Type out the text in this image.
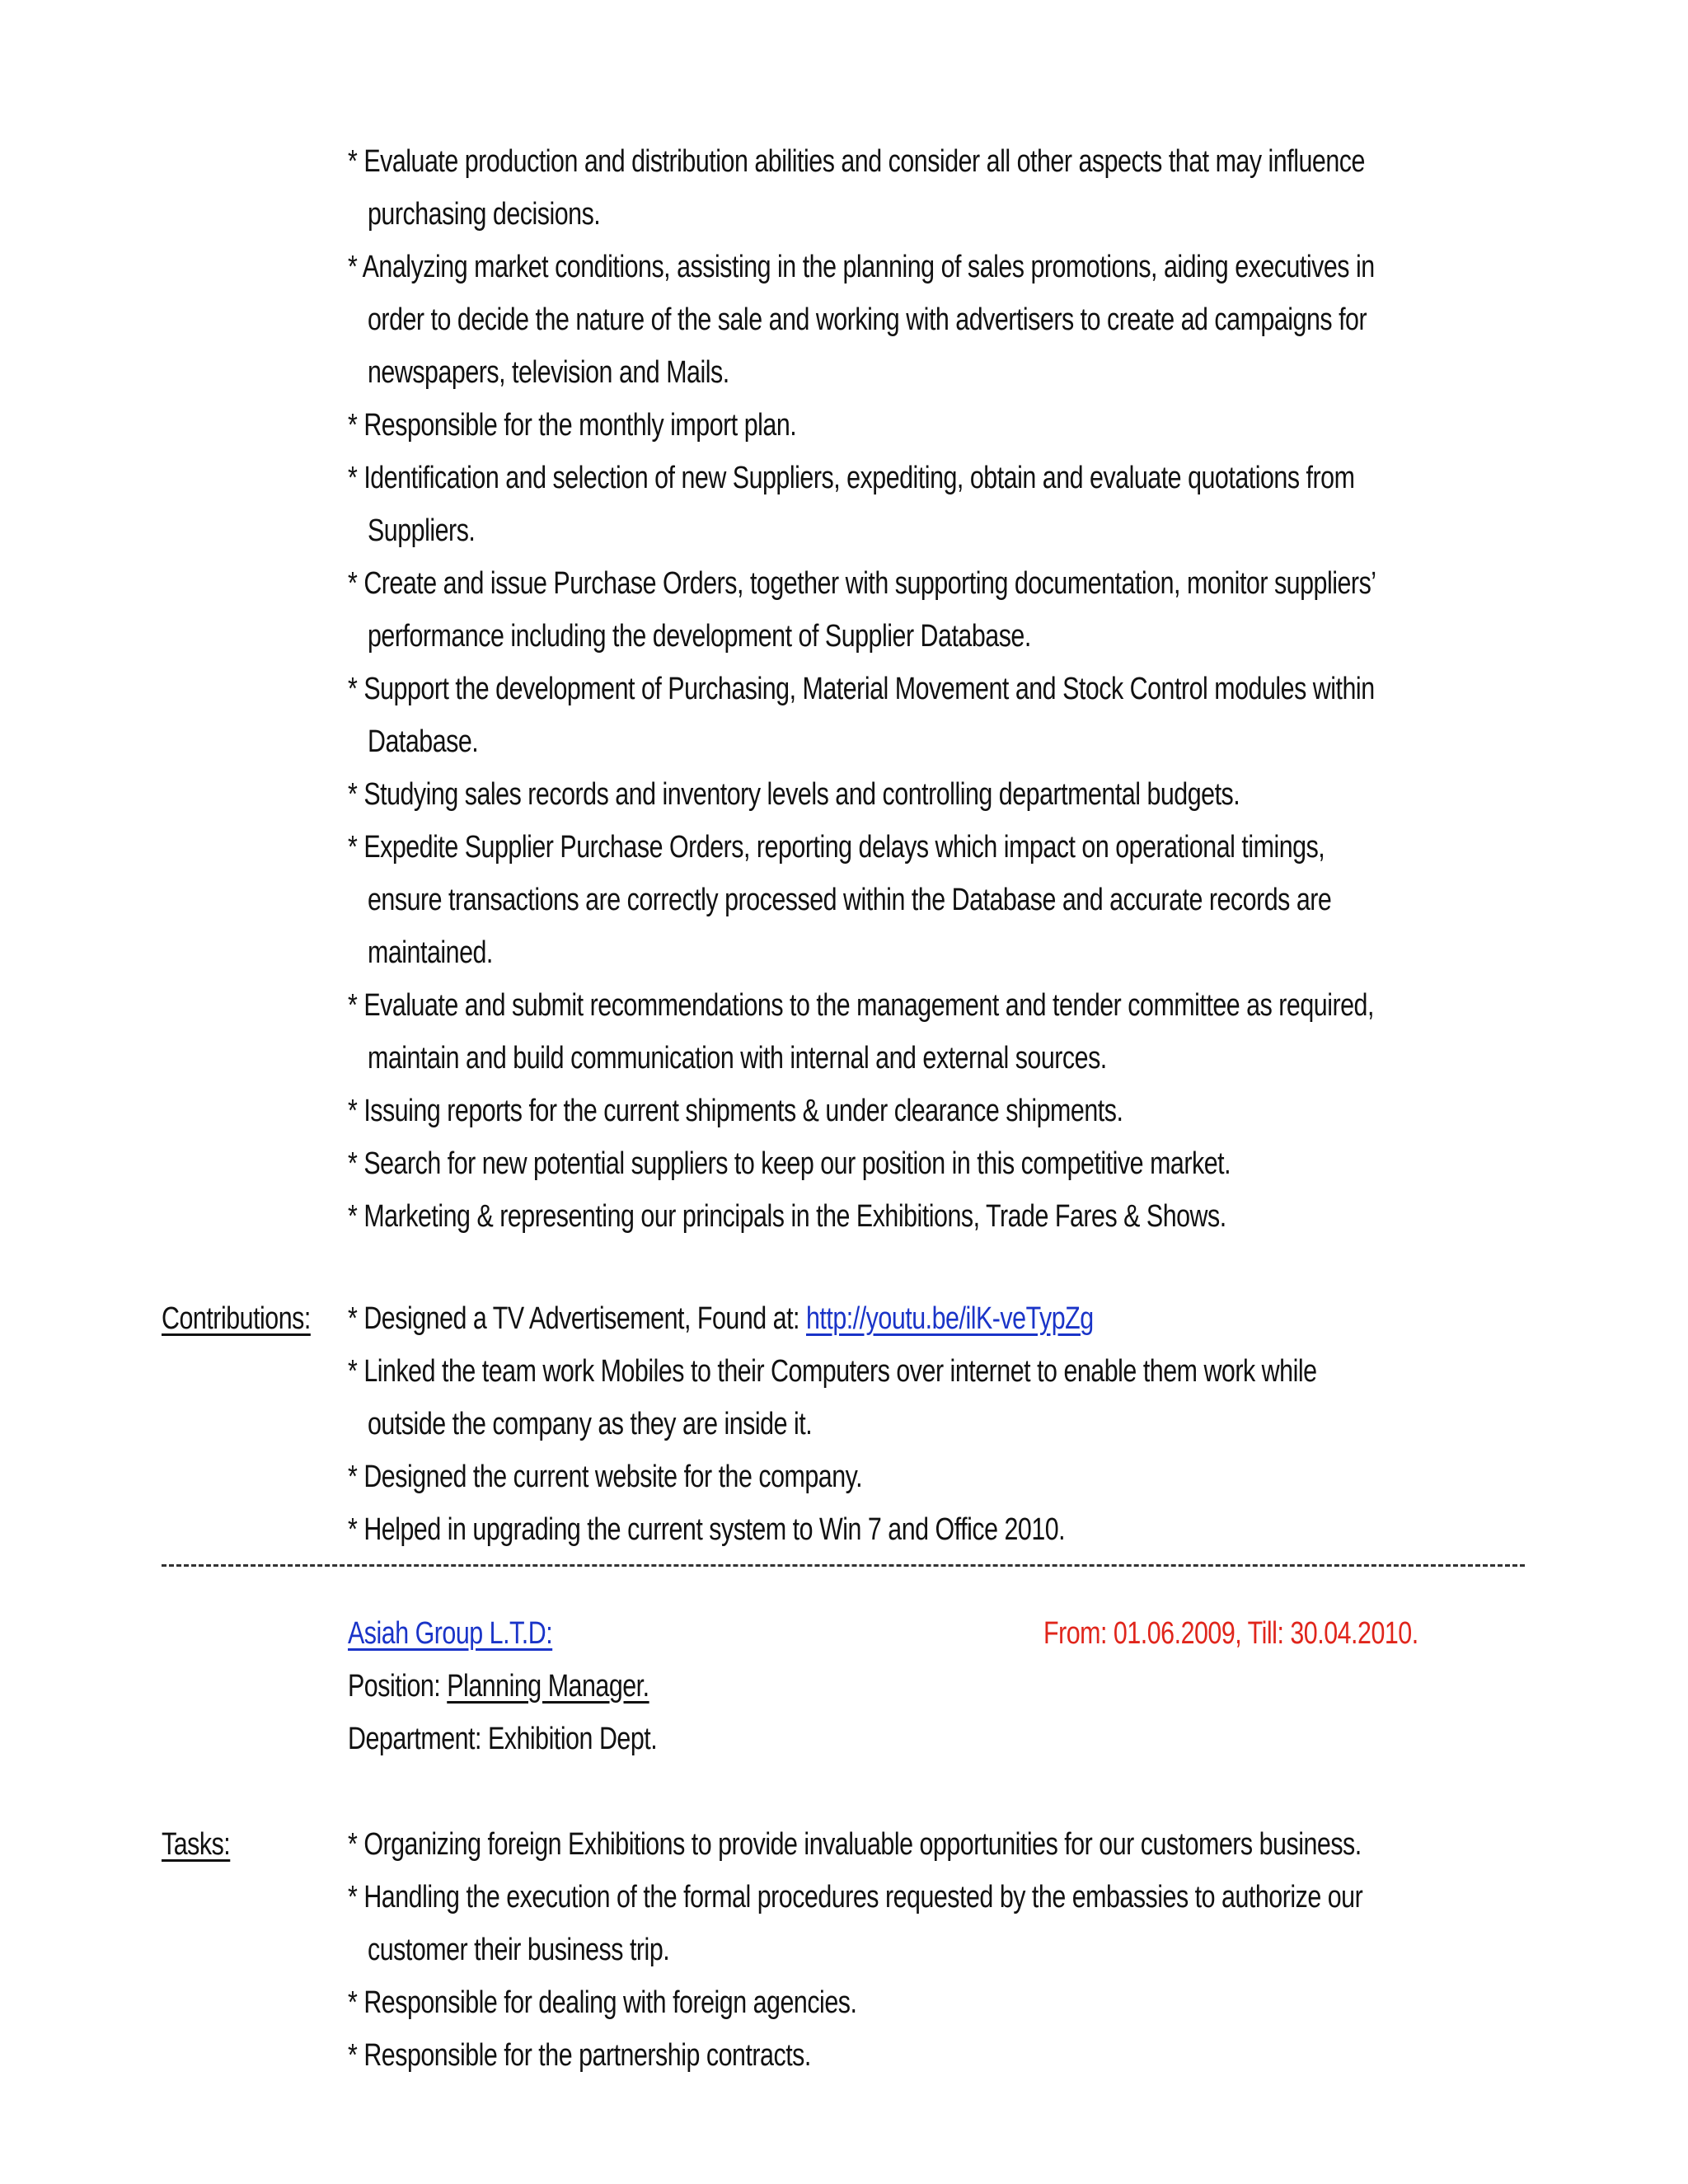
* Evaluate production and distribution abilities and consider all other aspects that may influence
purchasing decisions.
* Analyzing market conditions, assisting in the planning of sales promotions, aiding executives in
order to decide the nature of the sale and working with advertisers to create ad campaigns for
newspapers, television and Mails.
* Responsible for the monthly import plan.
* Identification and selection of new Suppliers, expediting, obtain and evaluate quotations from
Suppliers.
* Create and issue Purchase Orders, together with supporting documentation, monitor suppliers’
performance including the development of Supplier Database.
* Support the development of Purchasing, Material Movement and Stock Control modules within
Database.
* Studying sales records and inventory levels and controlling departmental budgets.
* Expedite Supplier Purchase Orders, reporting delays which impact on operational timings,
ensure transactions are correctly processed within the Database and accurate records are
maintained.
* Evaluate and submit recommendations to the management and tender committee as required,
maintain and build communication with internal and external sources.
* Issuing reports for the current shipments & under clearance shipments.
* Search for new potential suppliers to keep our position in this competitive market.
* Marketing & representing our principals in the Exhibitions, Trade Fares & Shows.
Contributions: * Designed a TV Advertisement, Found at: http://youtu.be/ilK-veTypZg
* Linked the team work Mobiles to their Computers over internet to enable them work while
outside the company as they are inside it.
* Designed the current website for the company.
* Helped in upgrading the current system to Win 7 and Office 2010.
Asiah Group L.T.D:	From: 01.06.2009, Till: 30.04.2010.
Position: Planning Manager.
Department: Exhibition Dept.
Tasks:	* Organizing foreign Exhibitions to provide invaluable opportunities for our customers business.
* Handling the execution of the formal procedures requested by the embassies to authorize our
customer their business trip.
* Responsible for dealing with foreign agencies.
* Responsible for the partnership contracts.
